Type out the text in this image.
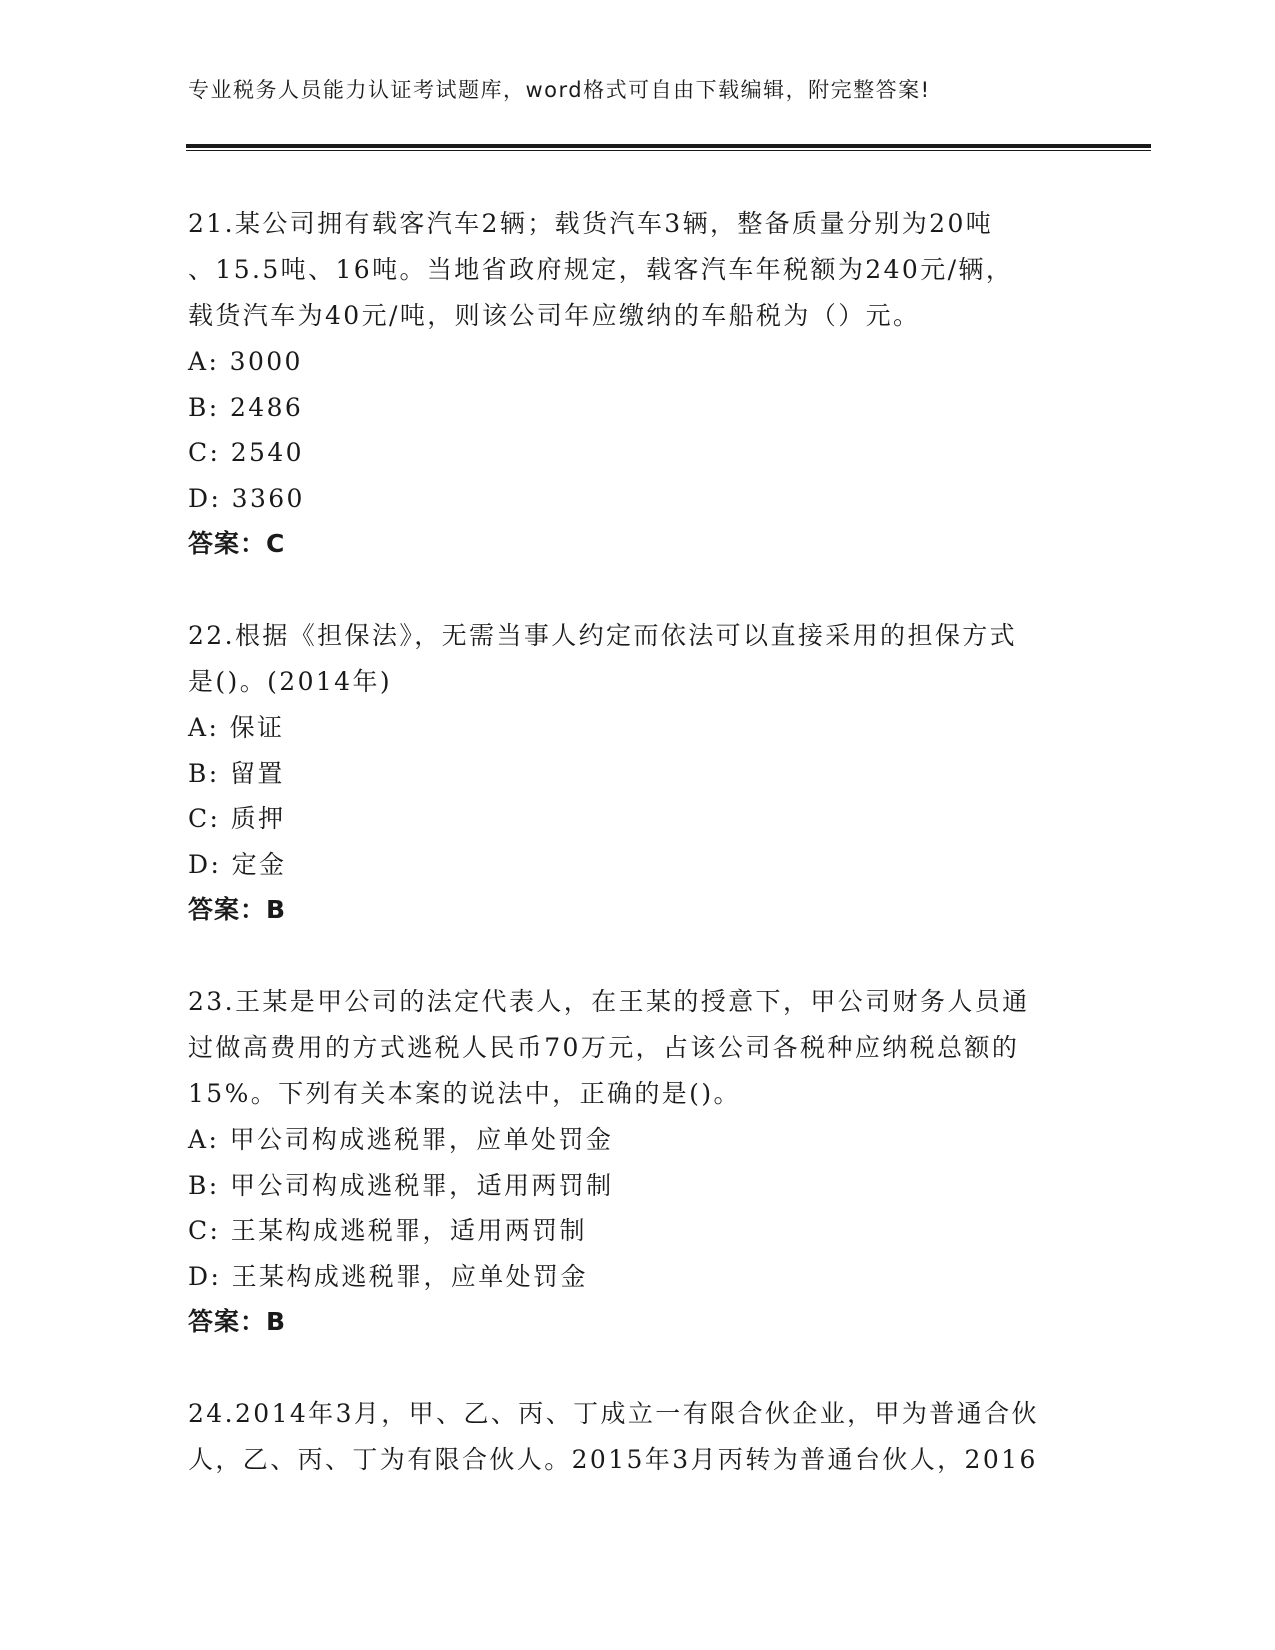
专业税务人员能力认证考试题库，word格式可自由下载编辑，附完整答案!
21.某公司拥有载客汽车2辆；载货汽车3辆，整备质量分别为20吨
、15.5吨、16吨。当地省政府规定，载客汽车年税额为240元/辆，
载货汽车为40元/吨，则该公司年应缴纳的车船税为（）元。
A: 3000
B: 2486
C: 2540
D: 3360
答案：C
22.根据《担保法》，无需当事人约定而依法可以直接采用的担保方式
是()。(2014年)
A: 保证
B: 留置
C: 质押
D: 定金
答案：B
23.王某是甲公司的法定代表人，在王某的授意下，甲公司财务人员通
过做高费用的方式逃税人民币70万元，占该公司各税种应纳税总额的
15%。下列有关本案的说法中，正确的是()。
A: 甲公司构成逃税罪，应单处罚金
B: 甲公司构成逃税罪，适用两罚制
C: 王某构成逃税罪，适用两罚制
D: 王某构成逃税罪，应单处罚金
答案：B
24.2014年3月，甲、乙、丙、丁成立一有限合伙企业，甲为普通合伙
人，乙、丙、丁为有限合伙人。2015年3月丙转为普通台伙人，2016
